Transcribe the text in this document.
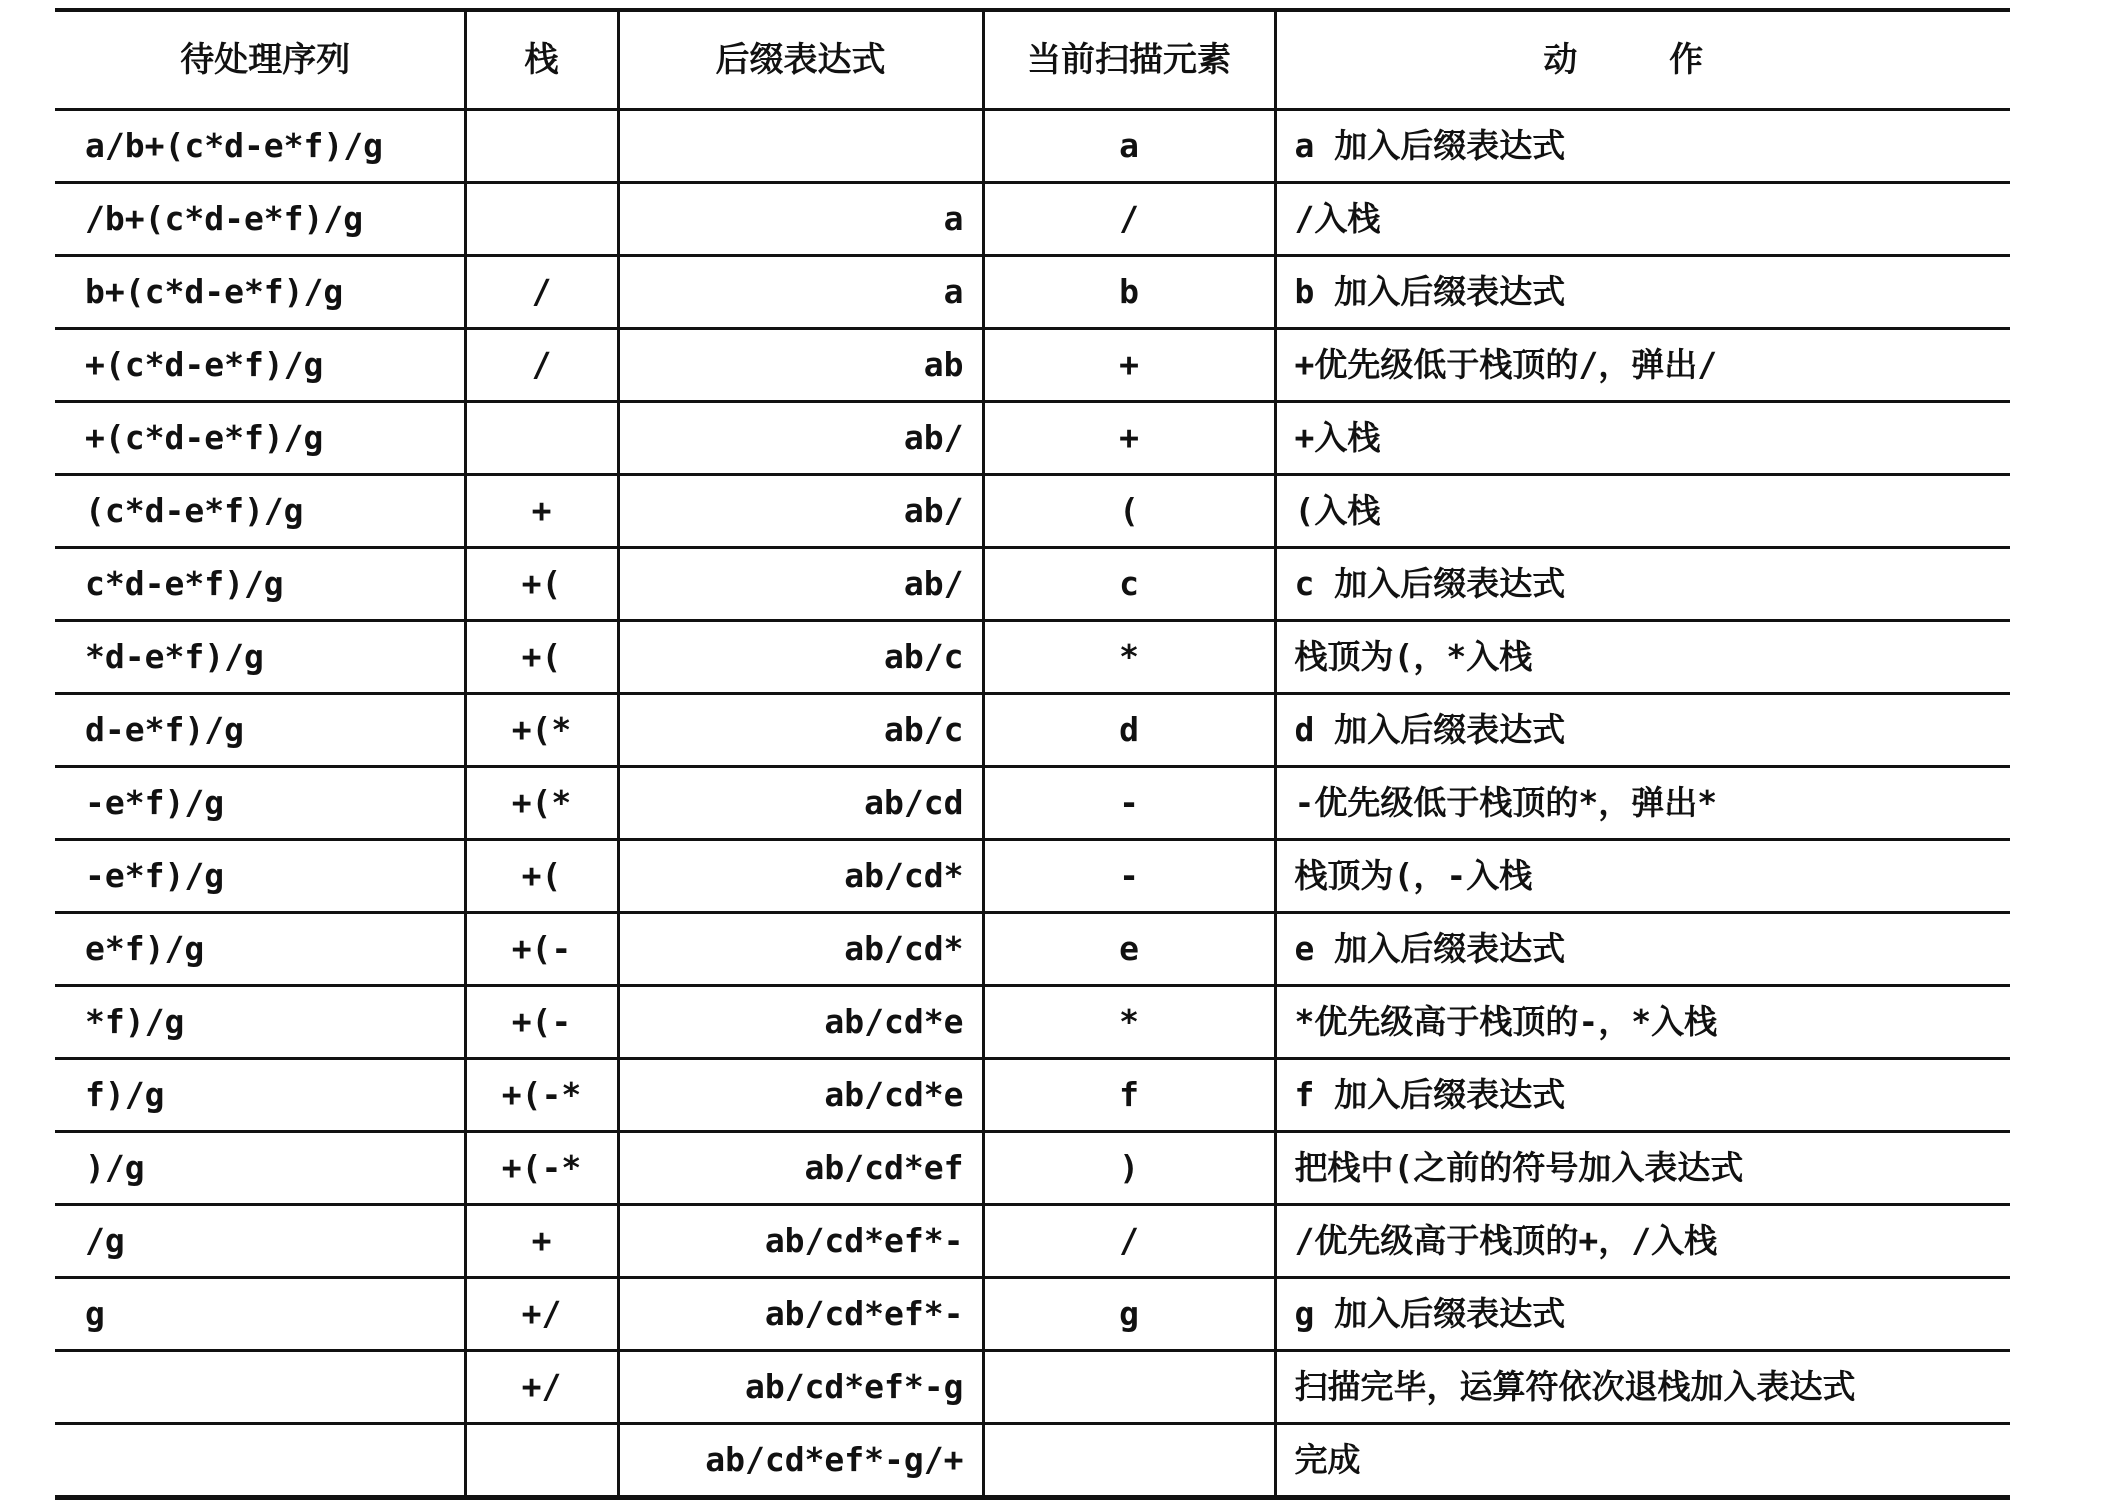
待处理序列	栈	后缀表达式	当前扫描元素	动 作
a/b+(c*d-e*f)/g			a	a 加入后缀表达式
/b+(c*d-e*f)/g		a	/	/入栈
b+(c*d-e*f)/g	/	a	b	b 加入后缀表达式
+(c*d-e*f)/g	/	ab	+	+优先级低于栈顶的/，弹出/
+(c*d-e*f)/g		ab/	+	+入栈
(c*d-e*f)/g	+	ab/	(	(入栈
c*d-e*f)/g	+(	ab/	c	c 加入后缀表达式
*d-e*f)/g	+(	ab/c	*	栈顶为(，*入栈
d-e*f)/g	+(*	ab/c	d	d 加入后缀表达式
-e*f)/g	+(*	ab/cd	-	-优先级低于栈顶的*，弹出*
-e*f)/g	+(	ab/cd*	-	栈顶为(，-入栈
e*f)/g	+(-	ab/cd*	e	e 加入后缀表达式
*f)/g	+(-	ab/cd*e	*	*优先级高于栈顶的-，*入栈
f)/g	+(-*	ab/cd*e	f	f 加入后缀表达式
)/g	+(-*	ab/cd*ef	)	把栈中(之前的符号加入表达式
/g	+	ab/cd*ef*-	/	/优先级高于栈顶的+，/入栈
g	+/	ab/cd*ef*-	g	g 加入后缀表达式
	+/	ab/cd*ef*-g		扫描完毕，运算符依次退栈加入表达式
		ab/cd*ef*-g/+		完成
